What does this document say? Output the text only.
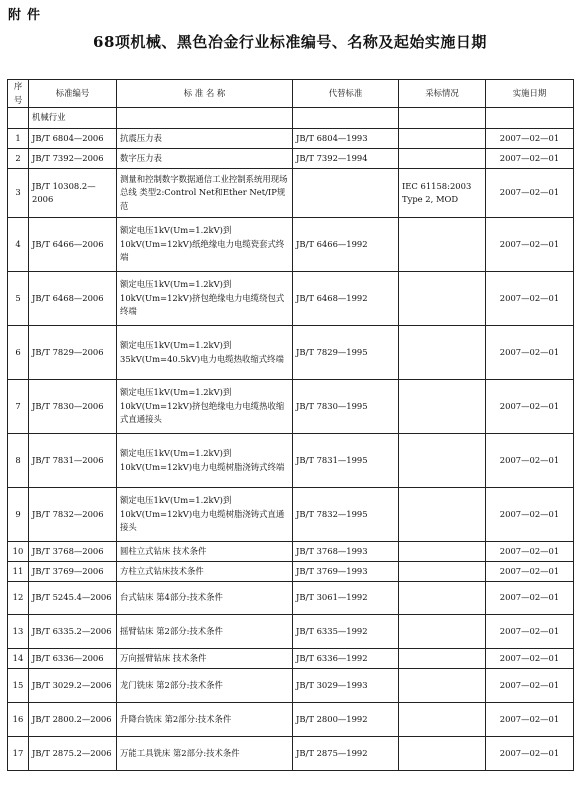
附件
68项机械、黑色冶金行业标准编号、名称及起始实施日期
序号	标准编号	标 准 名 称	代替标准	采标情况	实施日期
	机械行业				
1	JB/T 6804—2006	抗震压力表	JB/T 6804—1993		2007—02—01
2	JB/T 7392—2006	数字压力表	JB/T 7392—1994		2007—02—01
3	JB/T 10308.2—2006	测量和控制数字数据通信工业控制系统用现场总线 类型2:Control Net和Ether Net/IP规范		IEC 61158:2003 Type 2, MOD	2007—02—01
4	JB/T 6466—2006	额定电压1kV(Um=1.2kV)到10kV(Um=12kV)纸绝缘电力电缆瓷套式终端	JB/T 6466—1992		2007—02—01
5	JB/T 6468—2006	额定电压1kV(Um=1.2kV)到10kV(Um=12kV)挤包绝缘电力电缆绕包式终端	JB/T 6468—1992		2007—02—01
6	JB/T 7829—2006	额定电压1kV(Um=1.2kV)到35kV(Um=40.5kV)电力电缆热收缩式终端	JB/T 7829—1995		2007—02—01
7	JB/T 7830—2006	额定电压1kV(Um=1.2kV)到10kV(Um=12kV)挤包绝缘电力电缆热收缩式直通接头	JB/T 7830—1995		2007—02—01
8	JB/T 7831—2006	额定电压1kV(Um=1.2kV)到10kV(Um=12kV)电力电缆树脂浇铸式终端	JB/T 7831—1995		2007—02—01
9	JB/T 7832—2006	额定电压1kV(Um=1.2kV)到10kV(Um=12kV)电力电缆树脂浇铸式直通接头	JB/T 7832—1995		2007—02—01
10	JB/T 3768—2006	圆柱立式钻床 技术条件	JB/T 3768—1993		2007—02—01
11	JB/T 3769—2006	方柱立式钻床技术条件	JB/T 3769—1993		2007—02—01
12	JB/T 5245.4—2006	台式钻床 第4部分:技术条件	JB/T 3061—1992		2007—02—01
13	JB/T 6335.2—2006	摇臂钻床 第2部分:技术条件	JB/T 6335—1992		2007—02—01
14	JB/T 6336—2006	万向摇臂钻床 技术条件	JB/T 6336—1992		2007—02—01
15	JB/T 3029.2—2006	龙门铣床 第2部分:技术条件	JB/T 3029—1993		2007—02—01
16	JB/T 2800.2—2006	升降台铣床 第2部分:技术条件	JB/T 2800—1992		2007—02—01
17	JB/T 2875.2—2006	万能工具铣床 第2部分:技术条件	JB/T 2875—1992		2007—02—01
